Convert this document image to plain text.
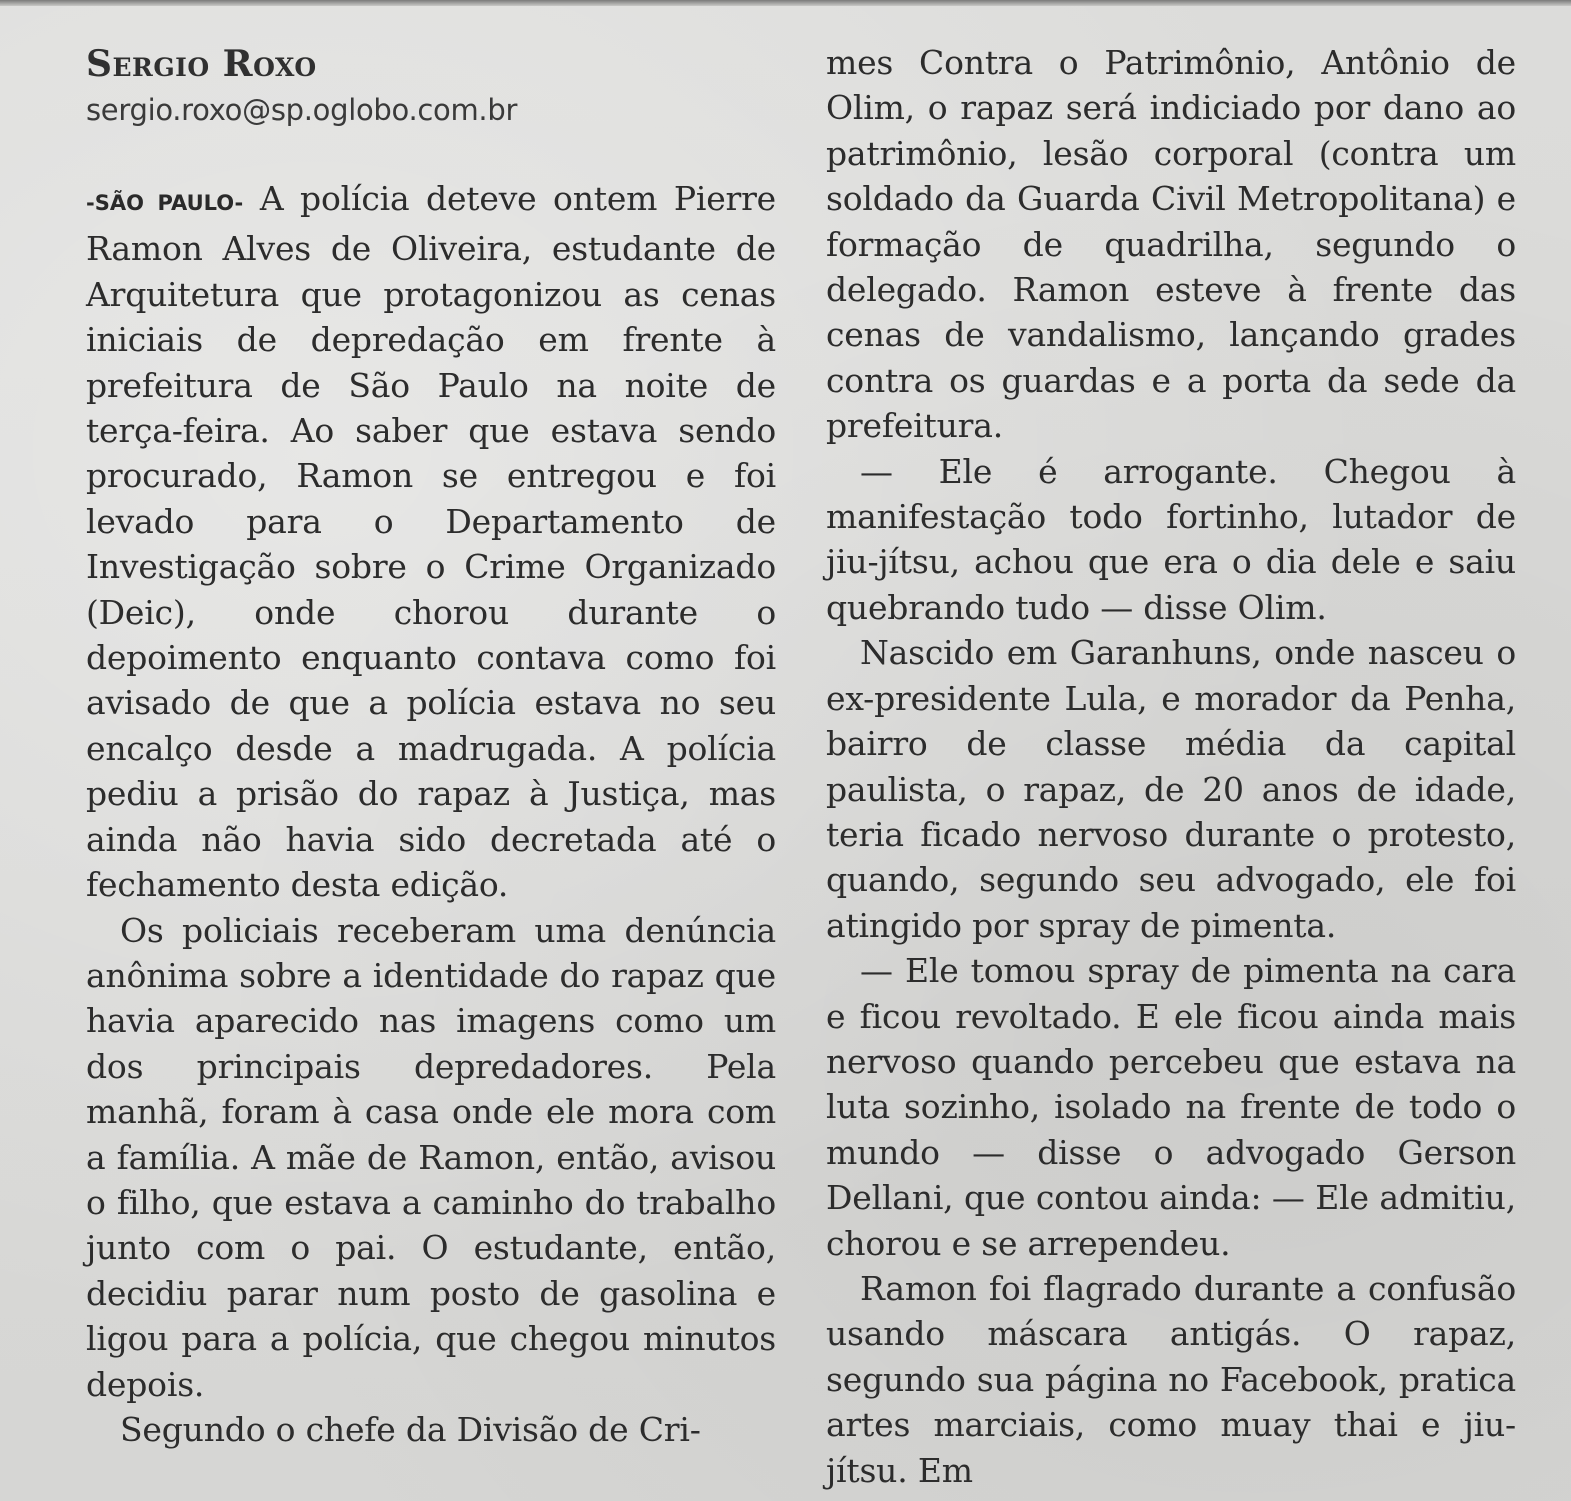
Sergio Roxo
sergio.roxo@sp.oglobo.com.br

-SÃO PAULO- A polícia deteve ontem Pierre Ramon Alves de Oliveira, estudante de Arquitetura que protagonizou as cenas iniciais de depredação em frente à prefeitura de São Paulo na noite de terça-feira. Ao saber que estava sendo procurado, Ramon se entregou e foi levado para o Departamento de Investigação sobre o Crime Organizado (Deic), onde chorou durante o depoimento enquanto contava como foi avisado de que a polícia estava no seu encalço desde a madrugada. A polícia pediu a prisão do rapaz à Justiça, mas ainda não havia sido decretada até o fechamento desta edição.

Os policiais receberam uma denúncia anônima sobre a identidade do rapaz que havia aparecido nas imagens como um dos principais depredadores. Pela manhã, foram à casa onde ele mora com a família. A mãe de Ramon, então, avisou o filho, que estava a caminho do trabalho junto com o pai. O estudante, então, decidiu parar num posto de gasolina e ligou para a polícia, que chegou minutos depois.

Segundo o chefe da Divisão de Cri-

mes Contra o Patrimônio, Antônio de Olim, o rapaz será indiciado por dano ao patrimônio, lesão corporal (contra um soldado da Guarda Civil Metropolitana) e formação de quadrilha, segundo o delegado. Ramon esteve à frente das cenas de vandalismo, lançando grades contra os guardas e a porta da sede da prefeitura.

— Ele é arrogante. Chegou à manifestação todo fortinho, lutador de jiu-jítsu, achou que era o dia dele e saiu quebrando tudo — disse Olim.

Nascido em Garanhuns, onde nasceu o ex-presidente Lula, e morador da Penha, bairro de classe média da capital paulista, o rapaz, de 20 anos de idade, teria ficado nervoso durante o protesto, quando, segundo seu advogado, ele foi atingido por spray de pimenta.

— Ele tomou spray de pimenta na cara e ficou revoltado. E ele ficou ainda mais nervoso quando percebeu que estava na luta sozinho, isolado na frente de todo o mundo — disse o advogado Gerson Dellani, que contou ainda: — Ele admitiu, chorou e se arrependeu.

Ramon foi flagrado durante a confusão usando máscara antigás. O rapaz, segundo sua página no Facebook, pratica artes marciais, como muay thai e jiu-jítsu. Em
